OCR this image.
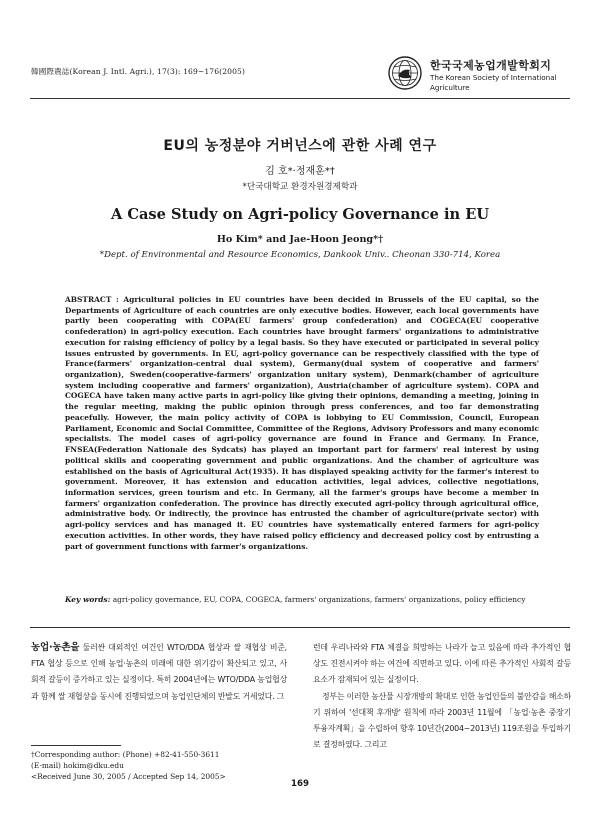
韓國際農誌(Korean J. Intl. Agri.), 17(3): 169~176(2005)	한국국제농업개발학회지
The Korean Society of International
Agriculture
EU의 농정분야 거버넌스에 관한 사례 연구
김 호*·정재훈*†
*단국대학교 환경자원경제학과
A Case Study on Agri-policy Governance in EU
Ho Kim* and Jae-Hoon Jeong*†
*Dept. of Environmental and Resource Economics, Dankook Univ.. Cheonan 330-714, Korea
ABSTRACT : Agricultural policies in EU countries have been decided in Brussels of the EU capital, so the Departments of Agriculture of each countries are only executive bodies. However, each local governments have partly been cooperating with COPA(EU farmers' group confederation) and COGECA(EU cooperative confederation) in agri-policy execution. Each countries have brought farmers' organizations to administrative execution for raising efficiency of policy by a legal basis. So they have executed or participated in several policy issues entrusted by governments. In EU, agri-policy governance can be respectively classified with the type of France(farmers' organization-central dual system), Germany(dual system of cooperative and farmers' organization), Sweden(cooperative-farmers' organization unitary system), Denmark(chamber of agriculture system including cooperative and farmers' organization), Austria(chamber of agriculture system). COPA and COGECA have taken many active parts in agri-policy like giving their opinions, demanding a meeting, joining in the regular meeting, making the public opinion through press conferences, and too far demonstrating peacefully. However, the main policy activity of COPA is lobbying to EU Commission, Council, European Parliament, Economic and Social Committee, Committee of the Regions, Advisory Professors and many economic specialists. The model cases of agri-policy governance are found in France and Germany. In France, FNSEA(Federation Nationale des Sydcats) has played an important part for farmers' real interest by using political skills and cooperating government and public organizations. And the chamber of agriculture was established on the basis of Agricultural Act(1935). It has displayed speaking activity for the farmer's interest to government. Moreover, it has extension and education activities, legal advices, collective negotiations, information services, green tourism and etc. In Germany, all the farmer's groups have become a member in farmers' organization confederation. The province has directly executed agri-policy through agricultural office, administrative body. Or indirectly, the province has entrusted the chamber of agriculture(private sector) with agri-policy services and has managed it. EU countries have systematically entered farmers for agri-policy execution activities. In other words, they have raised policy efficiency and decreased policy cost by entrusting a part of government functions with farmer's organizations.
Key words: agri-policy governance, EU, COPA, COGECA, farmers' organizations, farmers' organizations, policy efficiency
농업·농촌을 둘러싼 대외적인 여건인 WTO/DDA 협상과 쌀 재협상 비준, FTA 협상 등으로 인해 농업·농촌의 미래에 대한 위기감이 확산되고 있고, 사회적 갈등이 증가하고 있는 실정이다. 특히 2004년에는 WTO/DDA 농업협상과 함께 쌀 재협상을 동시에 진행되었으며 농업인단체의 반발도 거세었다. 그

런데 우리나라와 FTA 체결을 희망하는 나라가 늘고 있음에 따라 추가적인 협상도 진전시켜야 하는 여건에 직면하고 있다. 이에 따른 추가적인 사회적 갈등요소가 잠재되어 있는 실정이다.

정부는 이러한 농산물 시장개방의 확대로 인한 농업인들의 불안감을 해소하기 위하여 '선대책 후개방' 원칙에 따라 2003년 11월에 「농업·농촌 중장기 투융자계획」을 수립하여 향후 10년간(2004~2013년) 119조원을 투입하기로 결정하였다. 그리고

†Corresponding author: (Phone) +82-41-550-3611
(E-mail) hokim@dku.edu
<Received June 30, 2005 / Accepted Sep 14, 2005>
169
